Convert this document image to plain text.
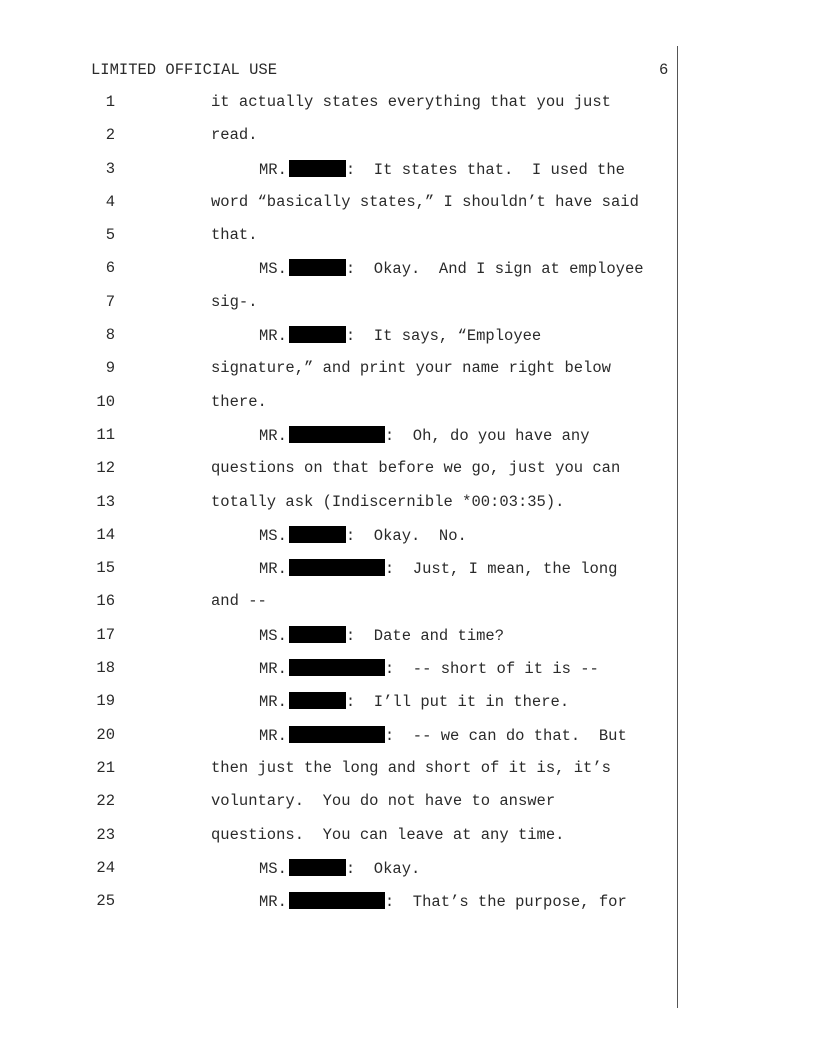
LIMITED OFFICIAL USE	6
1	it actually states everything that you just
2	read.
3	MR.	:  It states that.  I used the
4	word “basically states,” I shouldn’t have said
5	that.
6	MS.	:  Okay.  And I sign at employee
7	sig-.
8	MR.	:  It says, “Employee
9	signature,” and print your name right below
10	there.
11	MR.	:  Oh, do you have any
12	questions on that before we go, just you can
13	totally ask (Indiscernible *00:03:35).
14	MS.	:  Okay.  No.
15	MR.	:  Just, I mean, the long
16	and --
17	MS.	:  Date and time?
18	MR.	:  -- short of it is --
19	MR.	:  I’ll put it in there.
20	MR.	:  -- we can do that.  But
21	then just the long and short of it is, it’s
22	voluntary.  You do not have to answer
23	questions.  You can leave at any time.
24	MS.	:  Okay.
25	MR.	:  That’s the purpose, for
